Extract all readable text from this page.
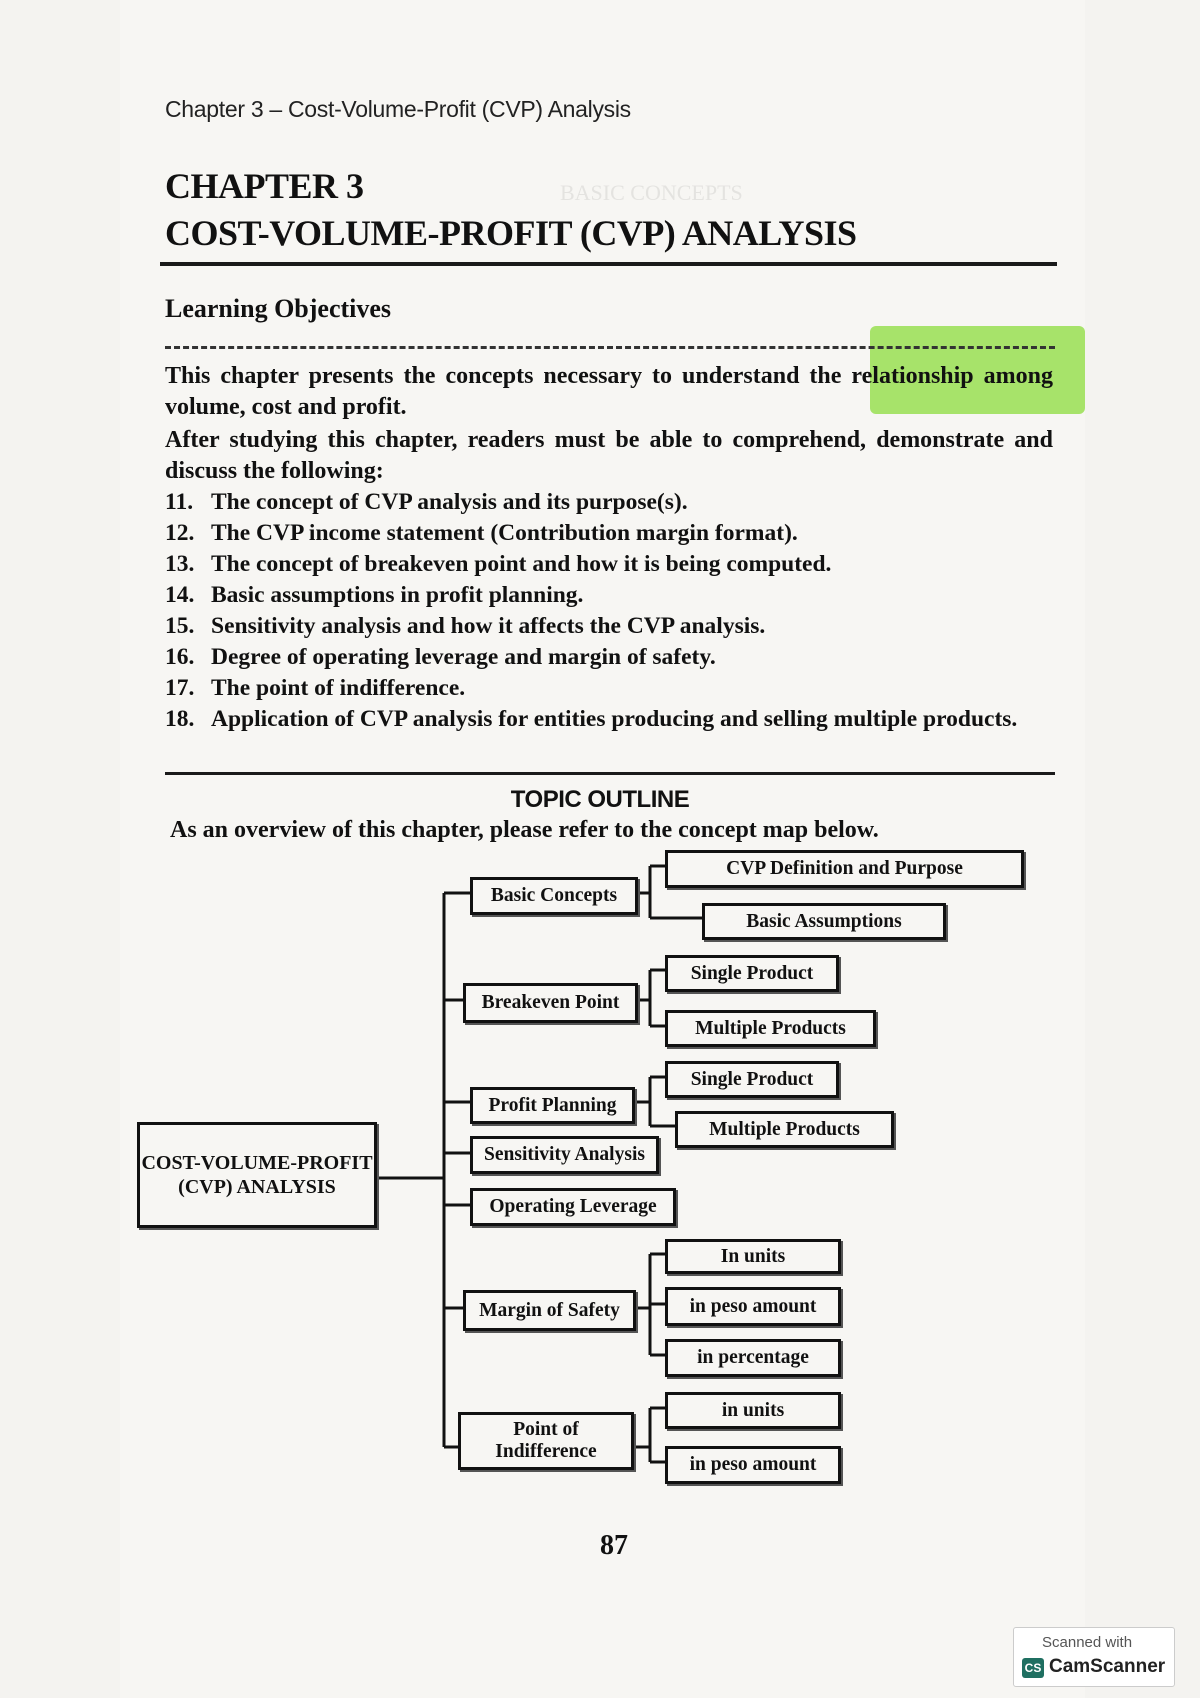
BASIC CONCEPTS
Chapter 3 – Cost-Volume-Profit (CVP) Analysis
CHAPTER 3
COST-VOLUME-PROFIT (CVP) ANALYSIS
Learning Objectives
This chapter presents the concepts necessary to understand the relationship among volume, cost and profit.
After studying this chapter, readers must be able to comprehend, demonstrate and discuss the following:
11. The concept of CVP analysis and its purpose(s).
12. The CVP income statement (Contribution margin format).
13. The concept of breakeven point and how it is being computed.
14. Basic assumptions in profit planning.
15. Sensitivity analysis and how it affects the CVP analysis.
16. Degree of operating leverage and margin of safety.
17. The point of indifference.
18. Application of CVP analysis for entities producing and selling multiple products.
TOPIC OUTLINE
As an overview of this chapter, please refer to the concept map below.
COST-VOLUME-PROFIT (CVP) ANALYSIS
Basic Concepts
Breakeven Point
Profit Planning
Sensitivity Analysis
Operating Leverage
Margin of Safety
Point of Indifference
CVP Definition and Purpose
Basic Assumptions
Single Product
Multiple Products
Single Product
Multiple Products
In units
in peso amount
in percentage
in units
in peso amount
87
Scanned with
CS CamScanner
